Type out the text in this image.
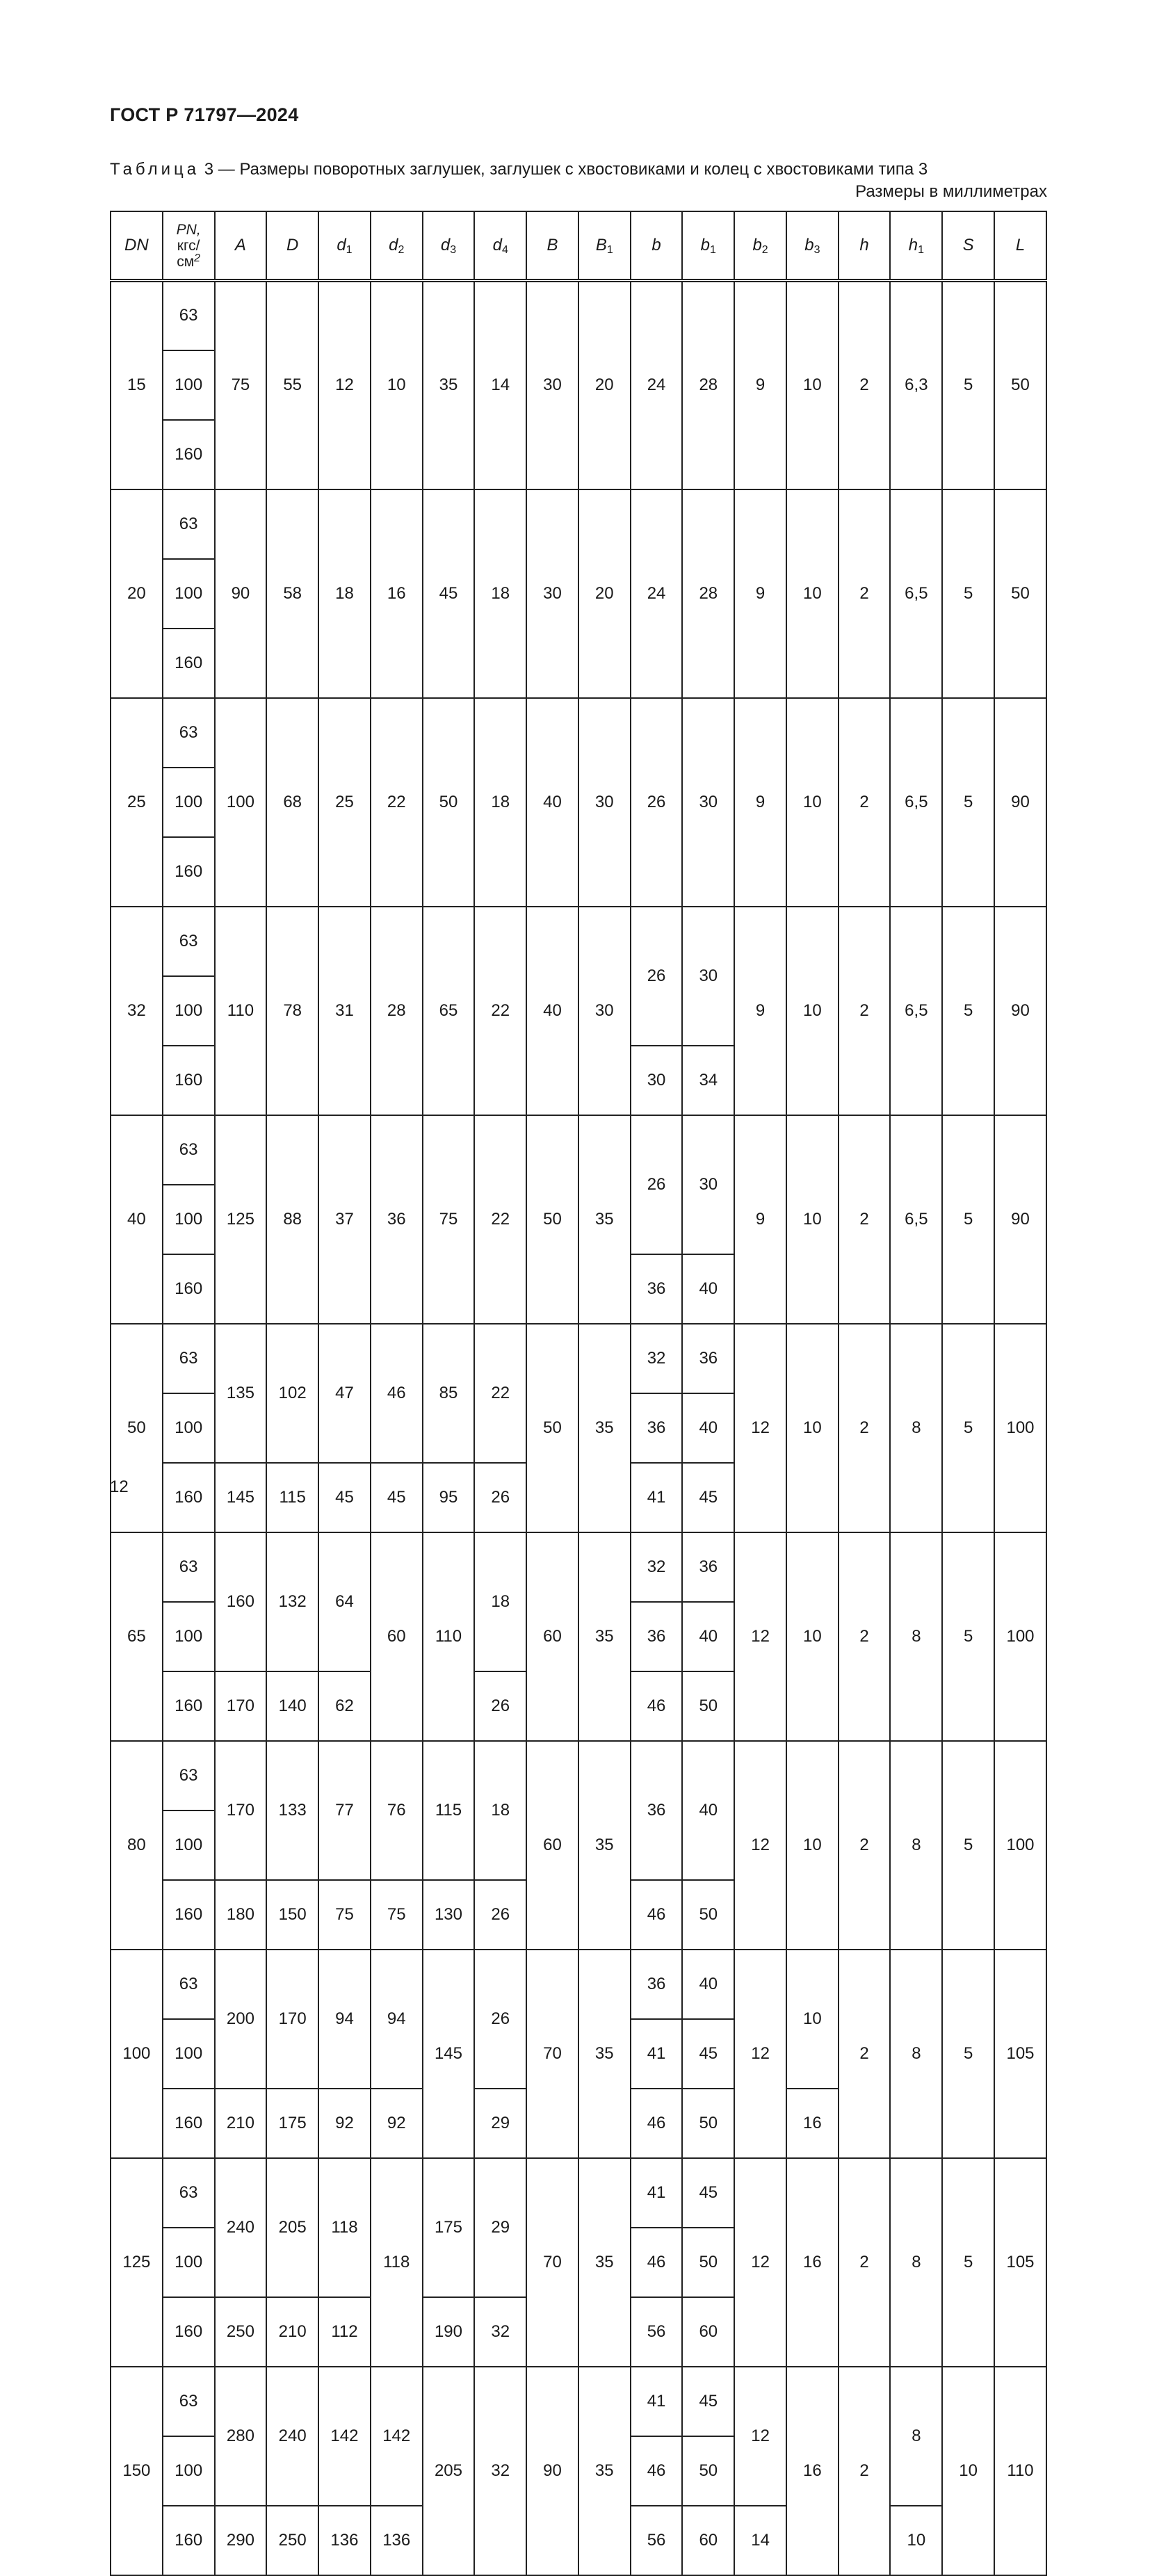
ГОСТ Р 71797—2024
Таблица 3 — Размеры поворотных заглушек, заглушек с хвостовиками и колец с хвостовиками типа 3
Размеры в миллиметрах
DN	PN,
кгс/
$см^2$	A	D	$d_1$	$d_2$	$d_3$	$d_4$	B	$B_1$	b	$b_1$	$b_2$	$b_3$	h	$h_1$	S	L
15	63	75	55	12	10	35	14	30	20	24	28	9	10	2	6,3	5	50

	100																

	160																

20	63	90	58	18	16	45	18	30	20	24	28	9	10	2	6,5	5	50

	100																

	160																

25	63	100	68	25	22	50	18	40	30	26	30	9	10	2	6,5	5	90

	100																

	160																

32	63	110	78	31	28	65	22	40	30	26	30	9	10	2	6,5	5	90

	100																

	160									30	34						

40	63	125	88	37	36	75	22	50	35	26	30	9	10	2	6,5	5	90

	100																

	160									36	40						

50	63	135	102	47	46	85	22	50	35	32	36	12	10	2	8	5	100

	100									36	40						

	160	145	115	45	45	95	26			41	45						

65	63	160	132	64	60	110	18	60	35	32	36	12	10	2	8	5	100

	100									36	40						

	160	170	140	62			26			46	50						

80	63	170	133	77	76	115	18	60	35	36	40	12	10	2	8	5	100

	100																

	160	180	150	75	75	130	26			46	50						

100	63	200	170	94	94	145	26	70	35	36	40	12	10	2	8	5	105

	100									41	45						

	160	210	175	92	92		29			46	50		16				

125	63	240	205	118	118	175	29	70	35	41	45	12	16	2	8	5	105

	100									46	50						

	160	250	210	112		190	32			56	60						

150	63	280	240	142	142	205	32	90	35	41	45	12	16	2	8	10	110

	100									46	50						

	160	290	250	136	136					56	60	14			10		

12
